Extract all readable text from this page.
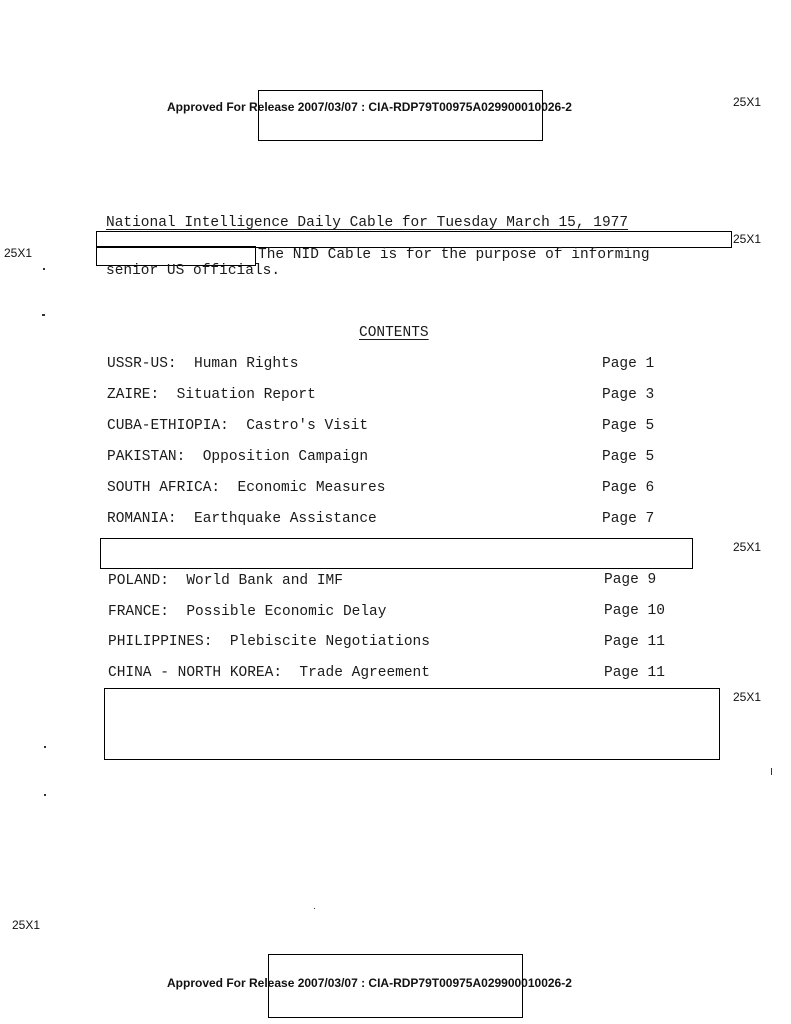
Approved For Release 2007/03/07 : CIA-RDP79T00975A029900010026-2	25X1
25X1
25X1
25X1
25X1
25X1
National Intelligence Daily Cable for Tuesday March 15, 1977
The NID Cable is for the purpose of informing
senior US officials.
CONTENTS
USSR-US:  Human Rights	Page 1
ZAIRE:  Situation Report	Page 3
CUBA-ETHIOPIA:  Castro's Visit	Page 5
PAKISTAN:  Opposition Campaign	Page 5
SOUTH AFRICA:  Economic Measures	Page 6
ROMANIA:  Earthquake Assistance	Page 7
POLAND:  World Bank and IMF	Page 9
FRANCE:  Possible Economic Delay	Page 10
PHILIPPINES:  Plebiscite Negotiations	Page 11
CHINA - NORTH KOREA:  Trade Agreement	Page 11
Approved For Release 2007/03/07 : CIA-RDP79T00975A029900010026-2
